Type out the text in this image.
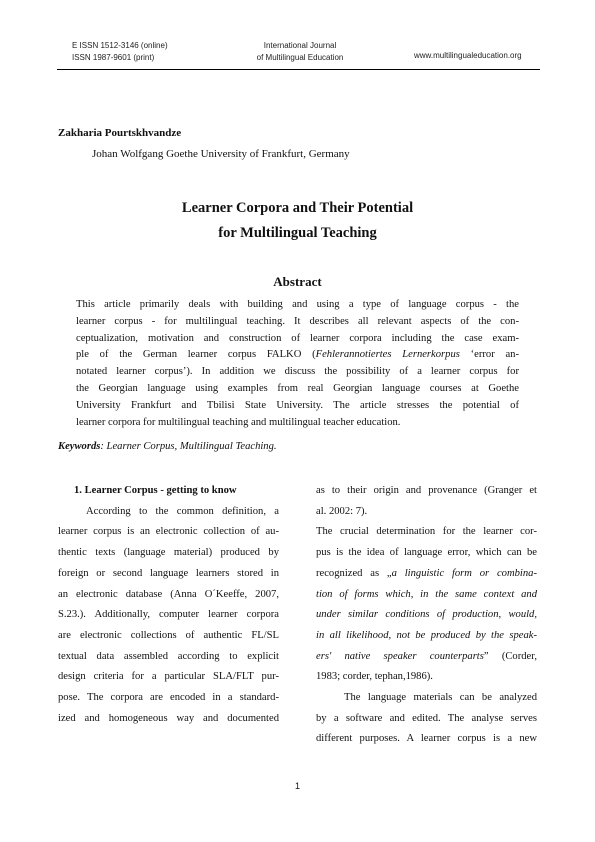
E ISSN 1512-3146 (online)
ISSN 1987-9601 (print)
International Journal
of Multilingual Education	www.multilingualeducation.org
Zakharia Pourtskhvandze
Johan Wolfgang Goethe University of Frankfurt, Germany
Learner Corpora and Their Potential
for Multilingual Teaching
Abstract
This article primarily deals with building and using a type of language corpus - the
learner corpus - for multilingual teaching. It describes all relevant aspects of the con-
ceptualization, motivation and construction of learner corpora including the case exam-
ple of the German learner corpus FALKO (Fehlerannotiertes Lernerkorpus ‘error an-
notated learner corpus’). In addition we discuss the possibility of a learner corpus for
the Georgian language using examples from real Georgian language courses at Goethe
University Frankfurt and Tbilisi State University. The article stresses the potential of
learner corpora for multilingual teaching and multilingual teacher education.
Keywords: Learner Corpus, Multilingual Teaching.
1. Learner Corpus - getting to know
According to the common definition, a
learner corpus is an electronic collection of au-
thentic texts (language material) produced by
foreign or second language learners stored in
an electronic database (Anna O´Keeffe, 2007,
S.23.). Additionally, computer learner corpora
are electronic collections of authentic FL/SL
textual data assembled according to explicit
design criteria for a particular SLA/FLT pur-
pose. The corpora are encoded in a standard-
ized and homogeneous way and documented
as to their origin and provenance (Granger et
al. 2002: 7).
The crucial determination for the learner cor-
pus is the idea of language error, which can be
recognized as „a linguistic form or combina-
tion of forms which, in the same context and
under similar conditions of production, would,
in all likelihood, not be produced by the speak-
ers' native speaker counterparts” (Corder,
1983; corder, tephan,1986).
The language materials can be analyzed
by a software and edited. The analyse serves
different purposes. A learner corpus is a new
1
